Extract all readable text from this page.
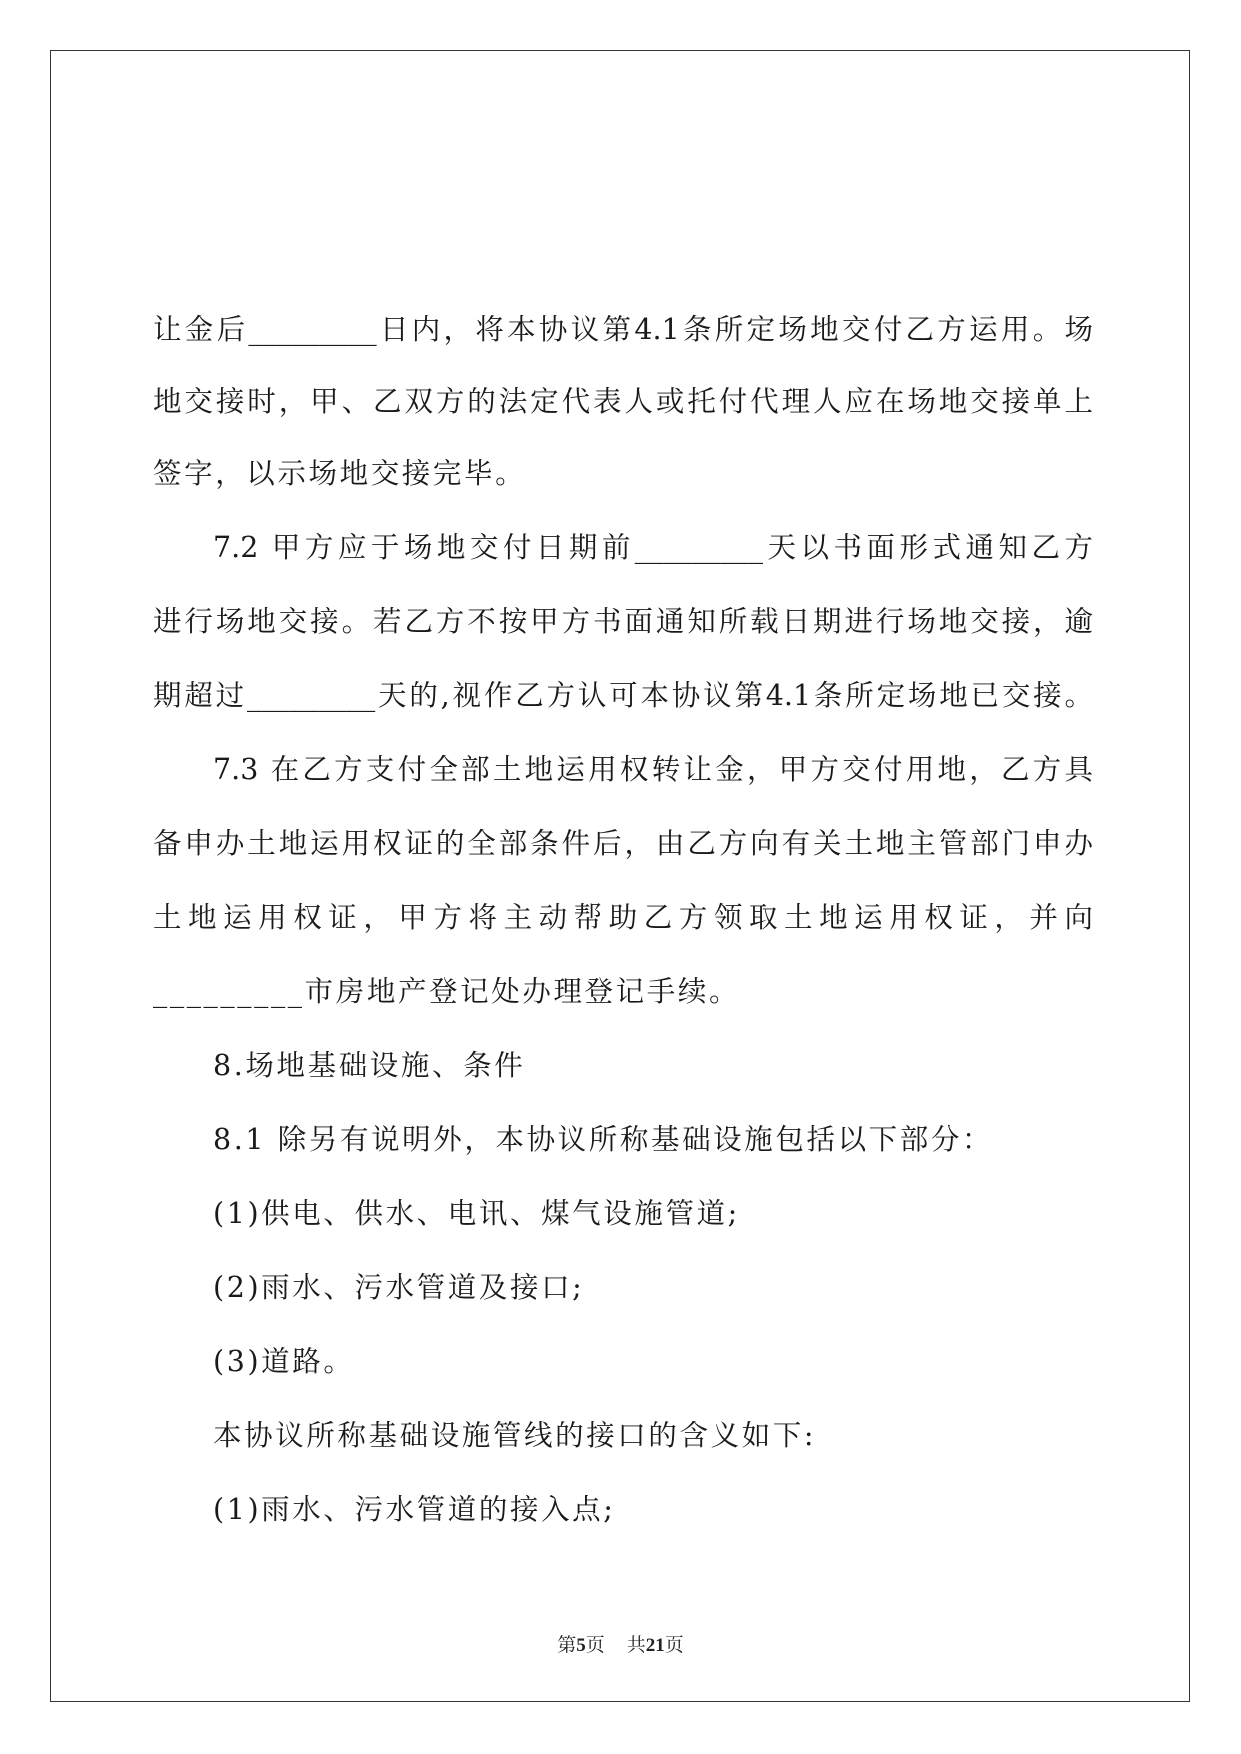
让金后_________日内，将本协议第4.1条所定场地交付乙方运用。场
地交接时，甲、乙双方的法定代表人或托付代理人应在场地交接单上
签字，以示场地交接完毕。
7.2 甲方应于场地交付日期前_________天以书面形式通知乙方
进行场地交接。若乙方不按甲方书面通知所载日期进行场地交接，逾
期超过_________天的,视作乙方认可本协议第4.1条所定场地已交接。
7.3 在乙方支付全部土地运用权转让金，甲方交付用地，乙方具
备申办土地运用权证的全部条件后，由乙方向有关土地主管部门申办
土地运用权证，甲方将主动帮助乙方领取土地运用权证，并向
_________市房地产登记处办理登记手续。
8.场地基础设施、条件
8.1 除另有说明外，本协议所称基础设施包括以下部分：
(1)供电、供水、电讯、煤气设施管道;
(2)雨水、污水管道及接口;
(3)道路。
本协议所称基础设施管线的接口的含义如下:
(1)雨水、污水管道的接入点;
第5页 共21页
